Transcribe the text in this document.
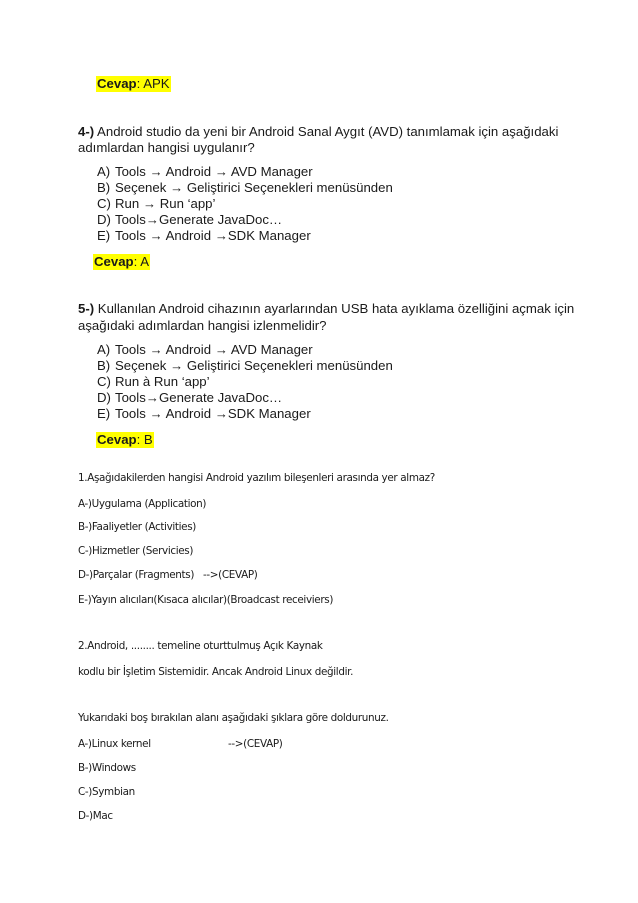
Cevap: APK
4-) Android studio da yeni bir Android Sanal Aygıt (AVD) tanımlamak için aşağıdaki
adımlardan hangisi uygulanır?
A) Tools → Android → AVD Manager
B) Seçenek → Geliştirici Seçenekleri menüsünden
C) Run → Run ‘app’
D) Tools→Generate JavaDoc…
E) Tools → Android →SDK Manager
Cevap: A
5-) Kullanılan Android cihazının ayarlarından USB hata ayıklama özelliğini açmak için
aşağıdaki adımlardan hangisi izlenmelidir?
A) Tools → Android → AVD Manager
B) Seçenek → Geliştirici Seçenekleri menüsünden
C) Run à Run ‘app’
D) Tools→Generate JavaDoc…
E) Tools → Android →SDK Manager
Cevap: B
1.Aşağıdakilerden hangisi Android yazılım bileşenleri arasında yer almaz?
A-)Uygulama (Application)
B-)Faaliyetler (Activities)
C-)Hizmetler (Servicies)
D-)Parçalar (Fragments) -->(CEVAP)
E-)Yayın alıcıları(Kısaca alıcılar)(Broadcast receiviers)
2.Android, ........ temeline oturttulmuş Açık Kaynak
kodlu bir İşletim Sistemidir. Ancak Android Linux değildir.
Yukarıdaki boş bırakılan alanı aşağıdaki şıklara göre doldurunuz.
A-)Linux kernel	-->(CEVAP)
B-)Windows
C-)Symbian
D-)Mac
